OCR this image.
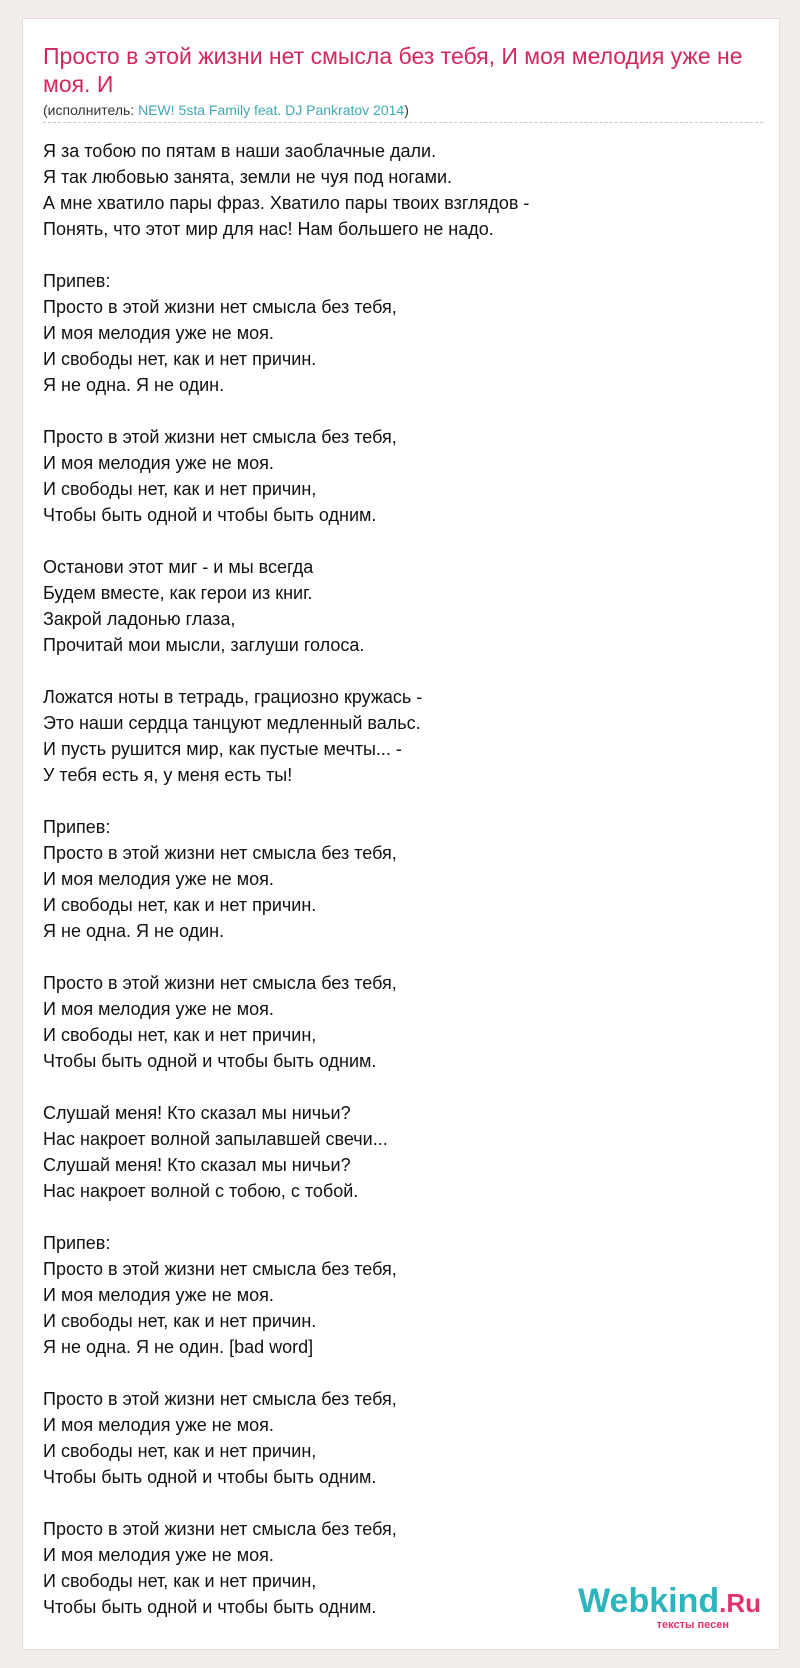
Просто в этой жизни нет смысла без тебя, И моя мелодия уже не моя. И
(исполнитель: NEW! 5sta Family feat. DJ Pankratov 2014)
Я за тобою по пятам в наши заоблачные дали.
Я так любовью занята, земли не чуя под ногами.
А мне хватило пары фраз. Хватило пары твоих взглядов -
Понять, что этот мир для нас! Нам большего не надо.
Припев:
Просто в этой жизни нет смысла без тебя,
И моя мелодия уже не моя.
И свободы нет, как и нет причин.
Я не одна. Я не один.
Просто в этой жизни нет смысла без тебя,
И моя мелодия уже не моя.
И свободы нет, как и нет причин,
Чтобы быть одной и чтобы быть одним.
Останови этот миг - и мы всегда
Будем вместе, как герои из книг.
Закрой ладонью глаза,
Прочитай мои мысли, заглуши голоса.
Ложатся ноты в тетрадь, грациозно кружась -
Это наши сердца танцуют медленный вальс.
И пусть рушится мир, как пустые мечты... -
У тебя есть я, у меня есть ты!
Припев:
Просто в этой жизни нет смысла без тебя,
И моя мелодия уже не моя.
И свободы нет, как и нет причин.
Я не одна. Я не один.
Просто в этой жизни нет смысла без тебя,
И моя мелодия уже не моя.
И свободы нет, как и нет причин,
Чтобы быть одной и чтобы быть одним.
Слушай меня! Кто сказал мы ничьи?
Нас накроет волной запылавшей свечи...
Слушай меня! Кто сказал мы ничьи?
Нас накроет волной с тобою, с тобой.
Припев:
Просто в этой жизни нет смысла без тебя,
И моя мелодия уже не моя.
И свободы нет, как и нет причин.
Я не одна. Я не один. [bad word]
Просто в этой жизни нет смысла без тебя,
И моя мелодия уже не моя.
И свободы нет, как и нет причин,
Чтобы быть одной и чтобы быть одним.
Просто в этой жизни нет смысла без тебя,
И моя мелодия уже не моя.
И свободы нет, как и нет причин,
Чтобы быть одной и чтобы быть одним.	Webkind.Ru
тексты песен
